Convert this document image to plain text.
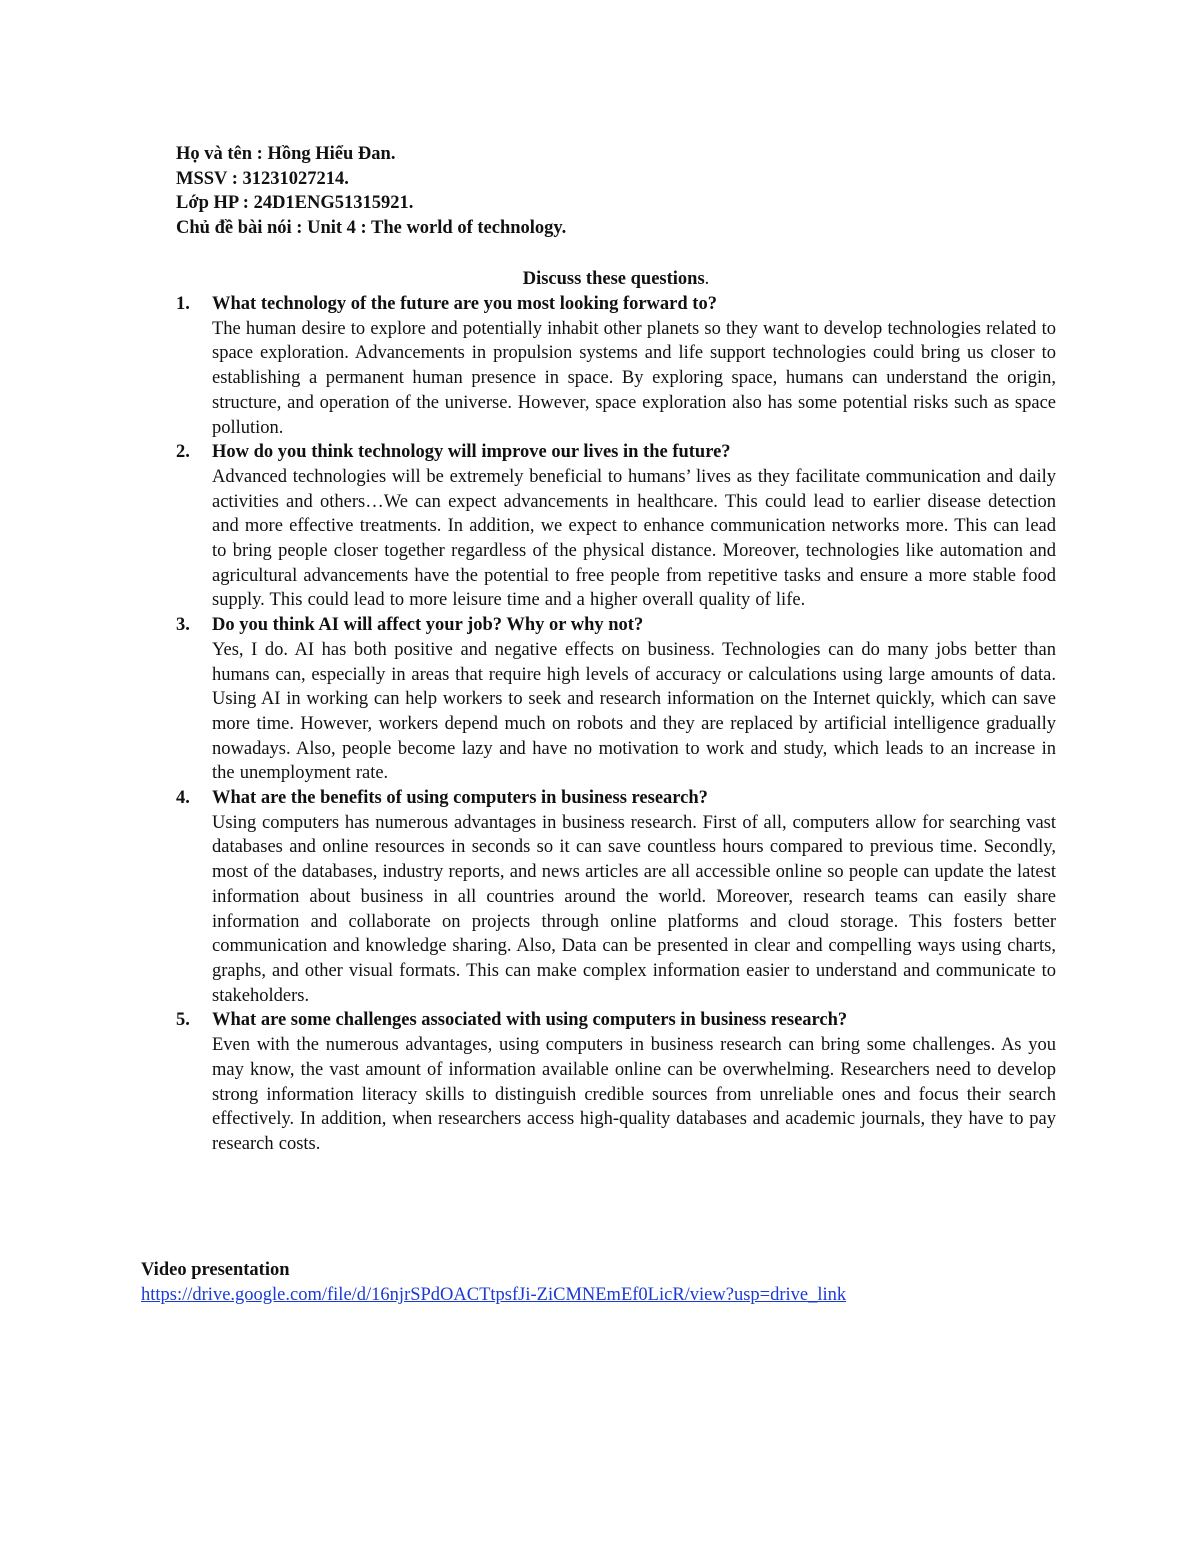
Họ và tên : Hồng Hiểu Đan.

MSSV : 31231027214.

Lớp HP : 24D1ENG51315921.

Chủ đề bài nói : Unit 4 : The world of technology.

Discuss these questions.

1. What technology of the future are you most looking forward to?

The human desire to explore and potentially inhabit other planets so they want to develop technologies related to space exploration. Advancements in propulsion systems and life support technologies could bring us closer to establishing a permanent human presence in space. By exploring space, humans can understand the origin, structure, and operation of the universe. However, space exploration also has some potential risks such as space pollution.

2. How do you think technology will improve our lives in the future?

Advanced technologies will be extremely beneficial to humans’ lives as they facilitate communication and daily activities and others…We can expect advancements in healthcare. This could lead to earlier disease detection and more effective treatments. In addition, we expect to enhance communication networks more. This can lead to bring people closer together regardless of the physical distance. Moreover, technologies like automation and agricultural advancements have the potential to free people from repetitive tasks and ensure a more stable food supply. This could lead to more leisure time and a higher overall quality of life.

3. Do you think AI will affect your job? Why or why not?

Yes, I do. AI has both positive and negative effects on business. Technologies can do many jobs better than humans can, especially in areas that require high levels of accuracy or calculations using large amounts of data. Using AI in working can help workers to seek and research information on the Internet quickly, which can save more time. However, workers depend much on robots and they are replaced by artificial intelligence gradually nowadays. Also, people become lazy and have no motivation to work and study, which leads to an increase in the unemployment rate.

4. What are the benefits of using computers in business research?

Using computers has numerous advantages in business research. First of all, computers allow for searching vast databases and online resources in seconds so it can save countless hours compared to previous time. Secondly, most of the databases, industry reports, and news articles are all accessible online so people can update the latest information about business in all countries around the world. Moreover, research teams can easily share information and collaborate on projects through online platforms and cloud storage. This fosters better communication and knowledge sharing. Also, Data can be presented in clear and compelling ways using charts, graphs, and other visual formats. This can make complex information easier to understand and communicate to stakeholders.

5. What are some challenges associated with using computers in business research?

Even with the numerous advantages, using computers in business research can bring some challenges. As you may know, the vast amount of information available online can be overwhelming. Researchers need to develop strong information literacy skills to distinguish credible sources from unreliable ones and focus their search effectively. In addition, when researchers access high-quality databases and academic journals, they have to pay research costs.

Video presentation

https://drive.google.com/file/d/16njrSPdOACTtpsfJi-ZiCMNEmEf0LicR/view?usp=drive_link
